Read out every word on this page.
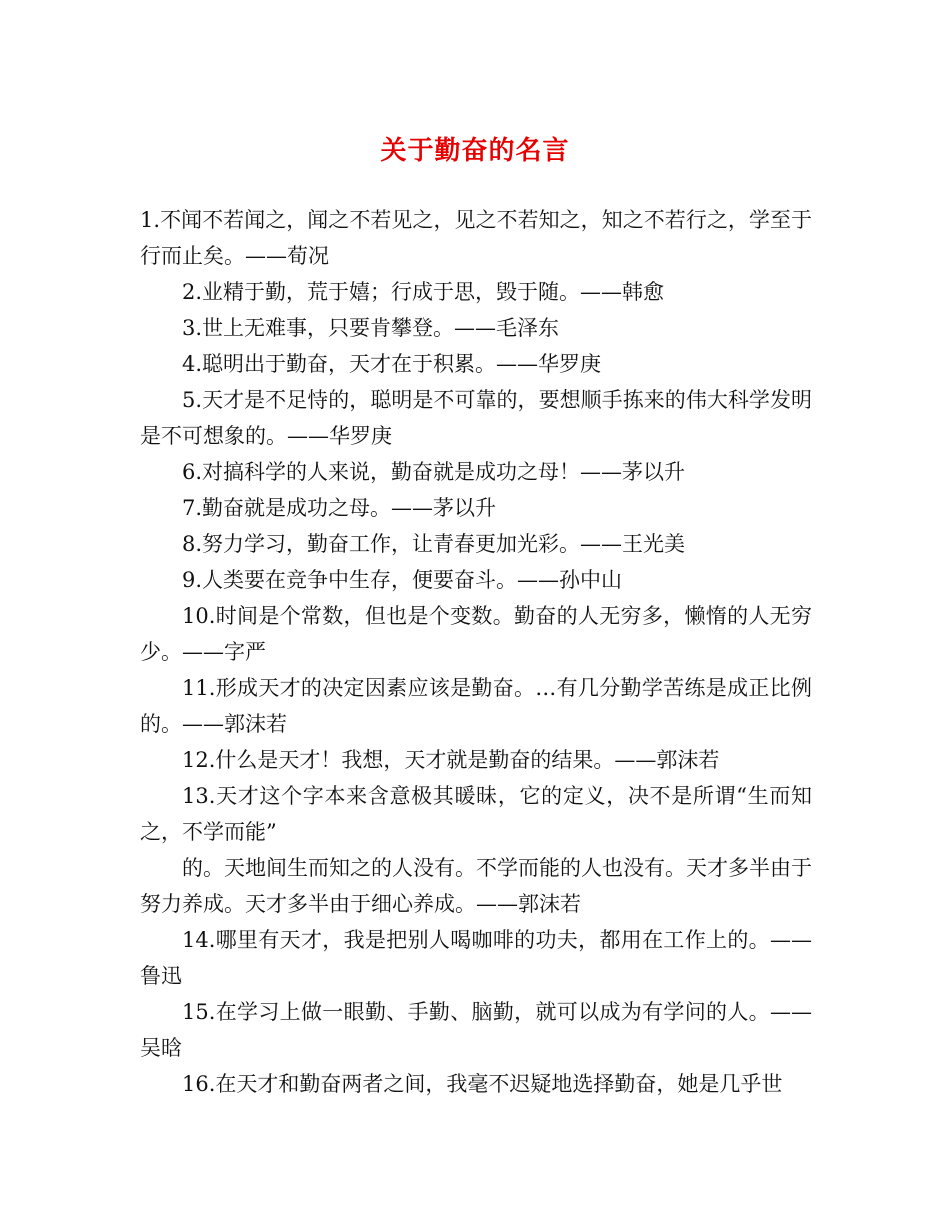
关于勤奋的名言

1.不闻不若闻之，闻之不若见之，见之不若知之，知之不若行之，学至于行而止矣。——荀况

2.业精于勤，荒于嬉；行成于思，毁于随。——韩愈

3.世上无难事，只要肯攀登。——毛泽东

4.聪明出于勤奋，天才在于积累。——华罗庚

5.天才是不足恃的，聪明是不可靠的，要想顺手拣来的伟大科学发明是不可想象的。——华罗庚

6.对搞科学的人来说，勤奋就是成功之母！——茅以升

7.勤奋就是成功之母。——茅以升

8.努力学习，勤奋工作，让青春更加光彩。——王光美

9.人类要在竞争中生存，便要奋斗。——孙中山

10.时间是个常数，但也是个变数。勤奋的人无穷多，懒惰的人无穷少。——字严

11.形成天才的决定因素应该是勤奋。…有几分勤学苦练是成正比例的。——郭沫若

12.什么是天才！我想，天才就是勤奋的结果。——郭沫若

13.天才这个字本来含意极其暖昧，它的定义，决不是所谓“生而知之，不学而能”

的。天地间生而知之的人没有。不学而能的人也没有。天才多半由于努力养成。天才多半由于细心养成。——郭沫若

14.哪里有天才，我是把别人喝咖啡的功夫，都用在工作上的。——鲁迅

15.在学习上做一眼勤、手勤、脑勤，就可以成为有学问的人。——吴晗

16.在天才和勤奋两者之间，我毫不迟疑地选择勤奋，她是几乎世
